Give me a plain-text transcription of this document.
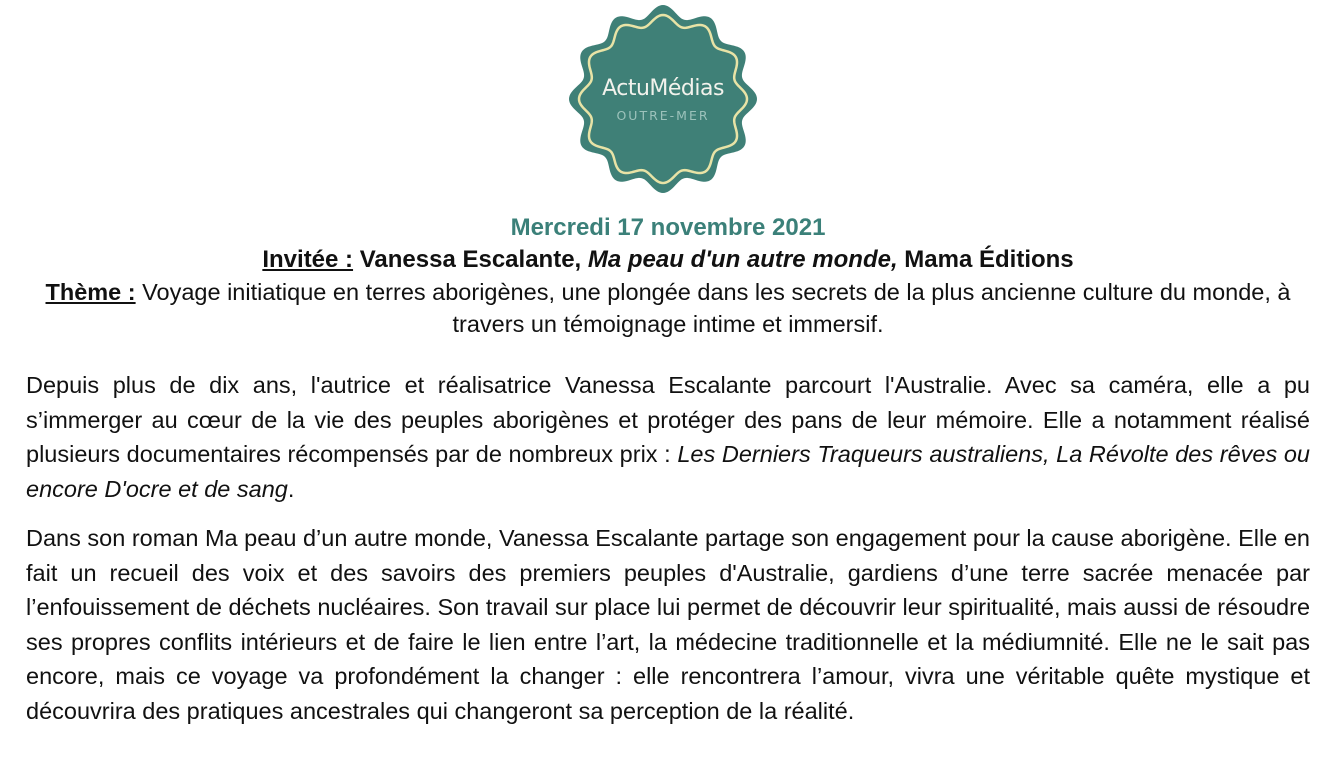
ActuMédias
OUTRE-MER
Mercredi 17 novembre 2021
Invitée : Vanessa Escalante, Ma peau d'un autre monde, Mama Éditions
Thème : Voyage initiatique en terres aborigènes, une plongée dans les secrets de la plus ancienne culture du monde, à travers un témoignage intime et immersif.

Depuis plus de dix ans, l'autrice et réalisatrice Vanessa Escalante parcourt l'Australie. Avec sa caméra, elle a pu s’immerger au cœur de la vie des peuples aborigènes et protéger des pans de leur mémoire. Elle a notamment réalisé plusieurs documentaires récompensés par de nombreux prix : Les Derniers Traqueurs australiens, La Révolte des rêves ou encore D'ocre et de sang.

Dans son roman Ma peau d’un autre monde, Vanessa Escalante partage son engagement pour la cause aborigène. Elle en fait un recueil des voix et des savoirs des premiers peuples d'Australie, gardiens d’une terre sacrée menacée par l’enfouissement de déchets nucléaires. Son travail sur place lui permet de découvrir leur spiritualité, mais aussi de résoudre ses propres conflits intérieurs et de faire le lien entre l’art, la médecine traditionnelle et la médiumnité. Elle ne le sait pas encore, mais ce voyage va profondément la changer : elle rencontrera l’amour, vivra une véritable quête mystique et découvrira des pratiques ancestrales qui changeront sa perception de la réalité.
